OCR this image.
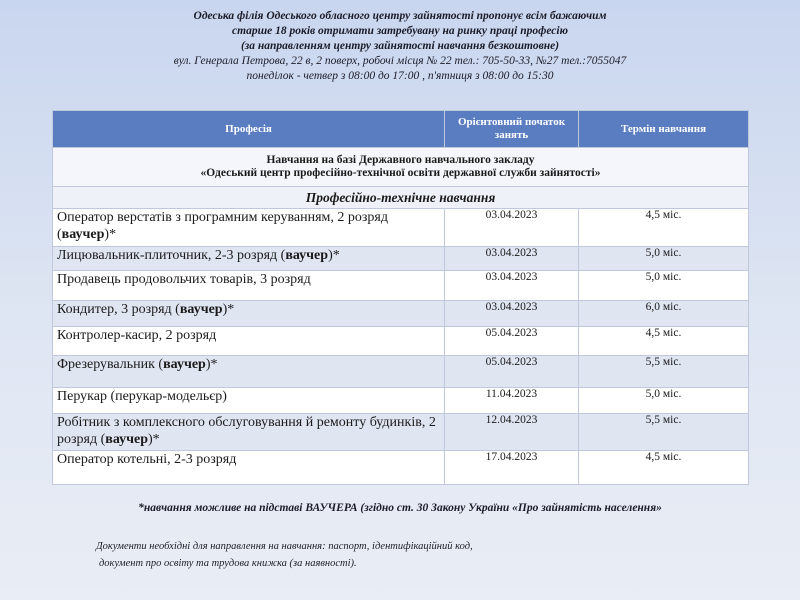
Одеська філія Одеського обласного центру зайнятості пропонує всім бажаючим
старше 18 років отримати затребувану на ринку праці професію
(за направленням центру зайнятості навчання безкоштовне)
вул. Генерала Петрова, 22 в, 2 поверх, робочі місця № 22 тел.: 705-50-33, №27 тел.:7055047
понеділок - четвер з 08:00 до 17:00 , п'ятниця з 08:00 до 15:30
Професія	Орієнтовний початок занять	Термін навчання

Навчання на базі Державного навчального закладу
«Одеський центр професійно-технічної освіти державної служби зайнятості»		

Професійно-технічне навчання		
Оператор верстатів з програмним керуванням, 2 розряд (ваучер)*	03.04.2023	4,5 міс.
Лицювальник-плиточник, 2-3 розряд (ваучер)*	03.04.2023	5,0 міс.
Продавець продовольчих товарів, 3 розряд	03.04.2023	5,0 міс.
Кондитер, 3 розряд (ваучер)*	03.04.2023	6,0 міс.
Контролер-касир, 2 розряд	05.04.2023	4,5 міс.
Фрезерувальник (ваучер)*	05.04.2023	5,5 міс.
Перукар (перукар-модельєр)	11.04.2023	5,0 міс.
Робітник з комплексного обслуговування й ремонту будинків, 2 розряд (ваучер)*	12.04.2023	5,5 міс.
Оператор котельні, 2-3 розряд	17.04.2023	4,5 міс.
*навчання можливе на підставі ВАУЧЕРА (згідно ст. 30 Закону України «Про зайнятість населення»
Документи необхідні для направлення на навчання: паспорт, ідентифікаційний код,
документ про освіту та трудова книжка (за наявності).
